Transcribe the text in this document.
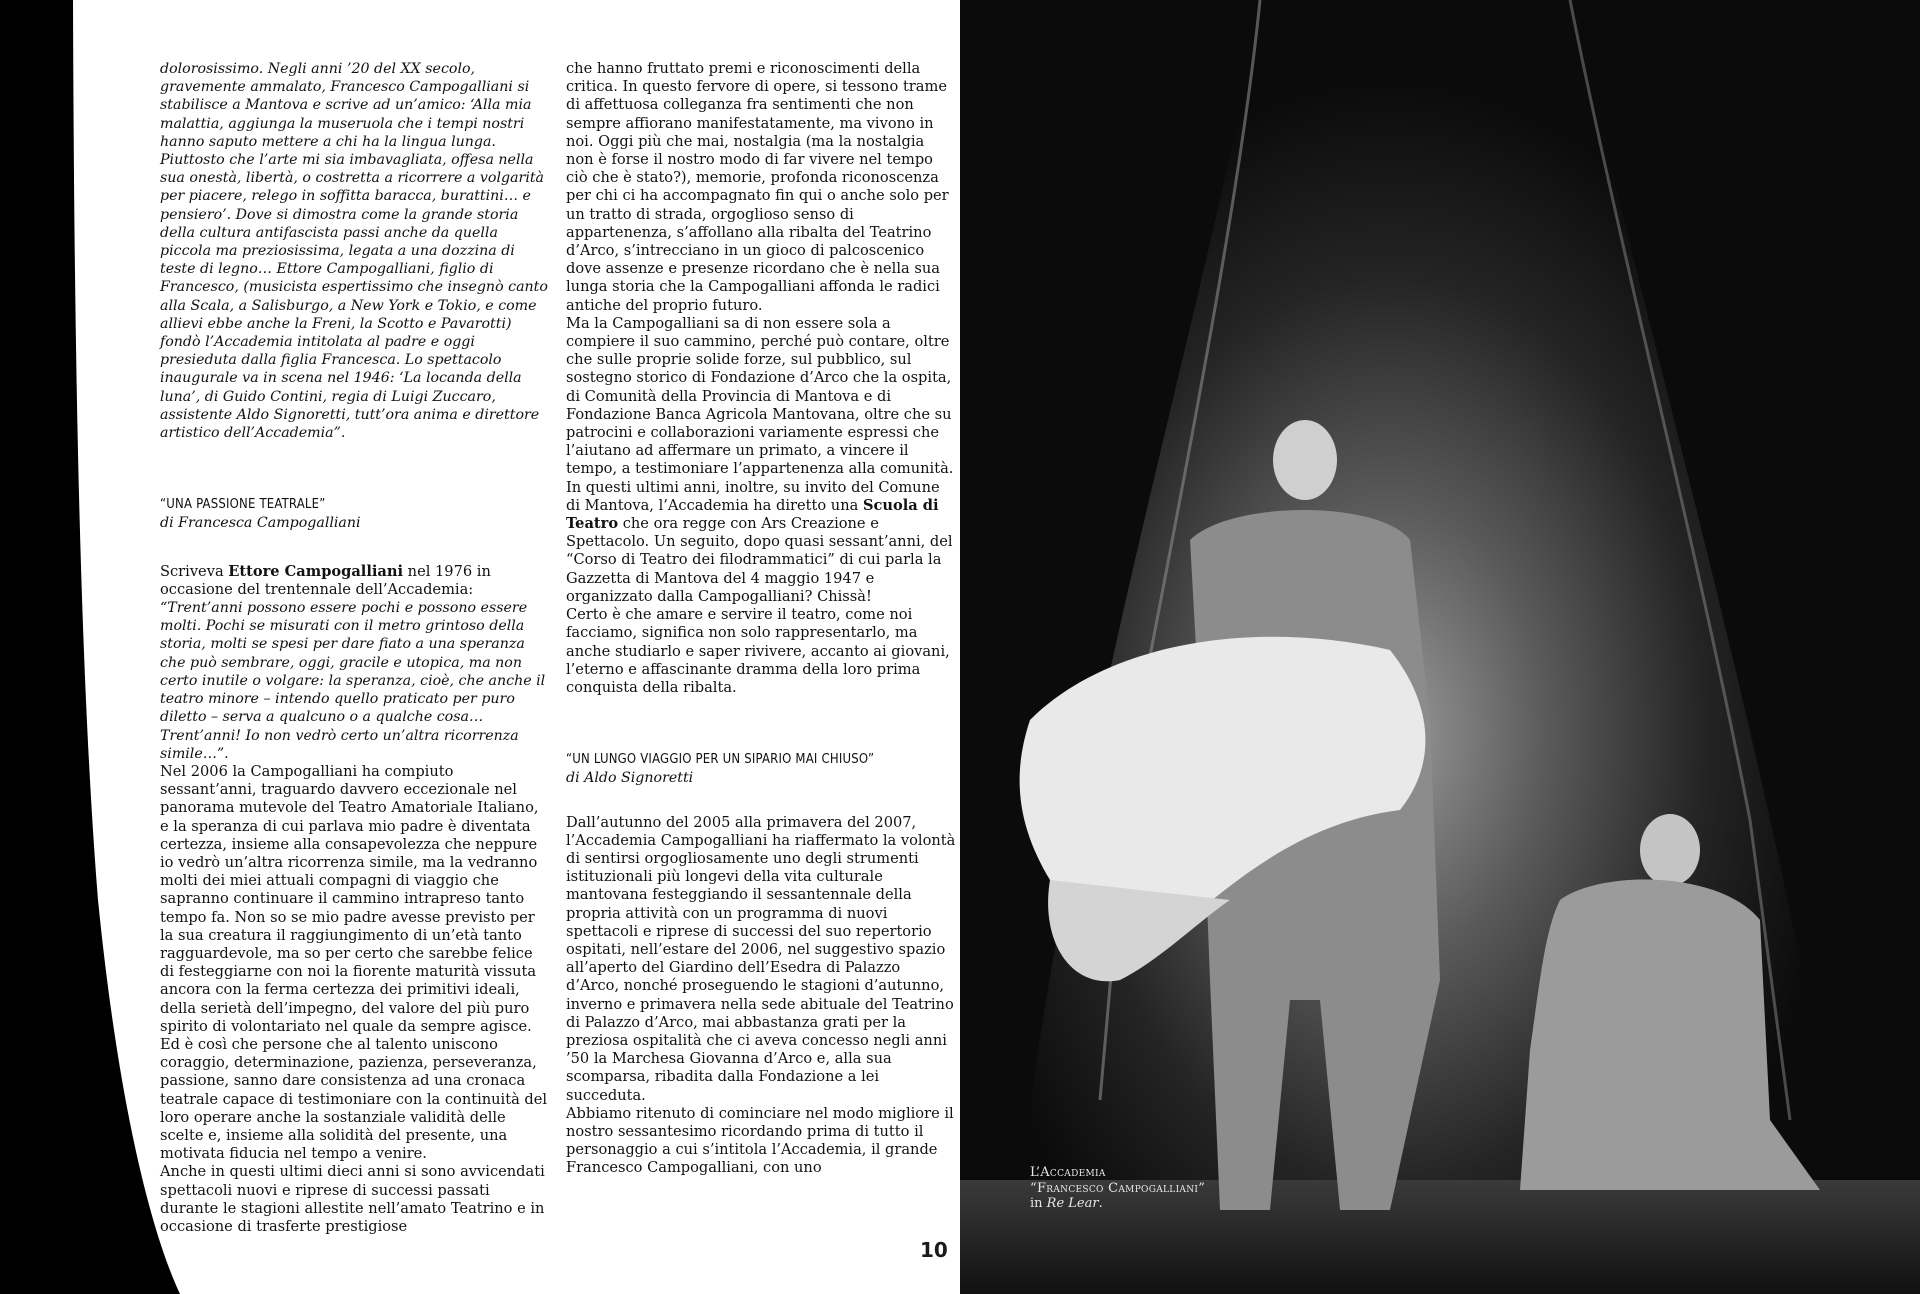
dolorosissimo. Negli anni ’20 del XX secolo, gravemente ammalato, Francesco Campogalliani si stabilisce a Mantova e scrive ad un’amico: ‘Alla mia malattia, aggiunga la museruola che i tempi nostri hanno saputo mettere a chi ha la lingua lunga. Piuttosto che l’arte mi sia imbavagliata, offesa nella sua onestà, libertà, o costretta a ricorrere a volgarità per piacere, relego in soffitta baracca, burattini… e pensiero’. Dove si dimostra come la grande storia della cultura antifascista passi anche da quella piccola ma preziosissima, legata a una dozzina di teste di legno… Ettore Campogalliani, figlio di Francesco, (musicista espertissimo che insegnò canto alla Scala, a Salisburgo, a New York e Tokio, e come allievi ebbe anche la Freni, la Scotto e Pavarotti) fondò l’Accademia intitolata al padre e oggi presieduta dalla figlia Francesca. Lo spettacolo inaugurale va in scena nel 1946: ‘La locanda della luna’, di Guido Contini, regia di Luigi Zuccaro, assistente Aldo Signoretti, tutt’ora anima e direttore artistico dell’Accademia”.

“UNA PASSIONE TEATRALE”

di Francesca Campogalliani

Scriveva Ettore Campogalliani nel 1976 in occasione del trentennale dell’Accademia:

“Trent’anni possono essere pochi e possono essere molti. Pochi se misurati con il metro grintoso della storia, molti se spesi per dare fiato a una speranza che può sembrare, oggi, gracile e utopica, ma non certo inutile o volgare: la speranza, cioè, che anche il teatro minore – intendo quello praticato per puro diletto – serva a qualcuno o a qualche cosa… Trent’anni! Io non vedrò certo un’altra ricorrenza simile…”.

Nel 2006 la Campogalliani ha compiuto sessant’anni, traguardo davvero eccezionale nel panorama mutevole del Teatro Amatoriale Italiano, e la speranza di cui parlava mio padre è diventata certezza, insieme alla consapevolezza che neppure io vedrò un’altra ricorrenza simile, ma la vedranno molti dei miei attuali compagni di viaggio che sapranno continuare il cammino intrapreso tanto tempo fa. Non so se mio padre avesse previsto per la sua creatura il raggiungimento di un’età tanto ragguardevole, ma so per certo che sarebbe felice di festeggiarne con noi la fiorente maturità vissuta ancora con la ferma certezza dei primitivi ideali, della serietà dell’impegno, del valore del più puro spirito di volontariato nel quale da sempre agisce. Ed è così che persone che al talento uniscono coraggio, determinazione, pazienza, perseveranza, passione, sanno dare consistenza ad una cronaca teatrale capace di testimoniare con la continuità del loro operare anche la sostanziale validità delle scelte e, insieme alla solidità del presente, una motivata fiducia nel tempo a venire.

Anche in questi ultimi dieci anni si sono avvicendati spettacoli nuovi e riprese di successi passati durante le stagioni allestite nell’amato Teatrino e in occasione di trasferte prestigiose

che hanno fruttato premi e riconoscimenti della critica. In questo fervore di opere, si tessono trame di affettuosa colleganza fra sentimenti che non sempre affiorano manifestatamente, ma vivono in noi. Oggi più che mai, nostalgia (ma la nostalgia non è forse il nostro modo di far vivere nel tempo ciò che è stato?), memorie, profonda riconoscenza per chi ci ha accompagnato fin qui o anche solo per un tratto di strada, orgoglioso senso di appartenenza, s’affollano alla ribalta del Teatrino d’Arco, s’intrecciano in un gioco di palcoscenico dove assenze e presenze ricordano che è nella sua lunga storia che la Campogalliani affonda le radici antiche del proprio futuro.

Ma la Campogalliani sa di non essere sola a compiere il suo cammino, perché può contare, oltre che sulle proprie solide forze, sul pubblico, sul sostegno storico di Fondazione d’Arco che la ospita, di Comunità della Provincia di Mantova e di Fondazione Banca Agricola Mantovana, oltre che su patrocini e collaborazioni variamente espressi che l’aiutano ad affermare un primato, a vincere il tempo, a testimoniare l’appartenenza alla comunità. In questi ultimi anni, inoltre, su invito del Comune di Mantova, l’Accademia ha diretto una Scuola di Teatro che ora regge con Ars Creazione e Spettacolo. Un seguito, dopo quasi sessant’anni, del “Corso di Teatro dei filodrammatici” di cui parla la Gazzetta di Mantova del 4 maggio 1947 e organizzato dalla Campogalliani? Chissà!

Certo è che amare e servire il teatro, come noi facciamo, significa non solo rappresentarlo, ma anche studiarlo e saper rivivere, accanto ai giovani, l’eterno e affascinante dramma della loro prima conquista della ribalta.

“UN LUNGO VIAGGIO PER UN SIPARIO MAI CHIUSO”

di Aldo Signoretti

Dall’autunno del 2005 alla primavera del 2007, l’Accademia Campogalliani ha riaffermato la volontà di sentirsi orgogliosamente uno degli strumenti istituzionali più longevi della vita culturale mantovana festeggiando il sessantennale della propria attività con un programma di nuovi spettacoli e riprese di successi del suo repertorio ospitati, nell’estare del 2006, nel suggestivo spazio all’aperto del Giardino dell’Esedra di Palazzo d’Arco, nonché proseguendo le stagioni d’autunno, inverno e primavera nella sede abituale del Teatrino di Palazzo d’Arco, mai abbastanza grati per la preziosa ospitalità che ci aveva concesso negli anni ’50 la Marchesa Giovanna d’Arco e, alla sua scomparsa, ribadita dalla Fondazione a lei succeduta.

Abbiamo ritenuto di cominciare nel modo migliore il nostro sessantesimo ricordando prima di tutto il personaggio a cui s’intitola l’Accademia, il grande Francesco Campogalliani, con uno

10
L’Accademia
“Francesco Campogalliani”
in Re Lear.
